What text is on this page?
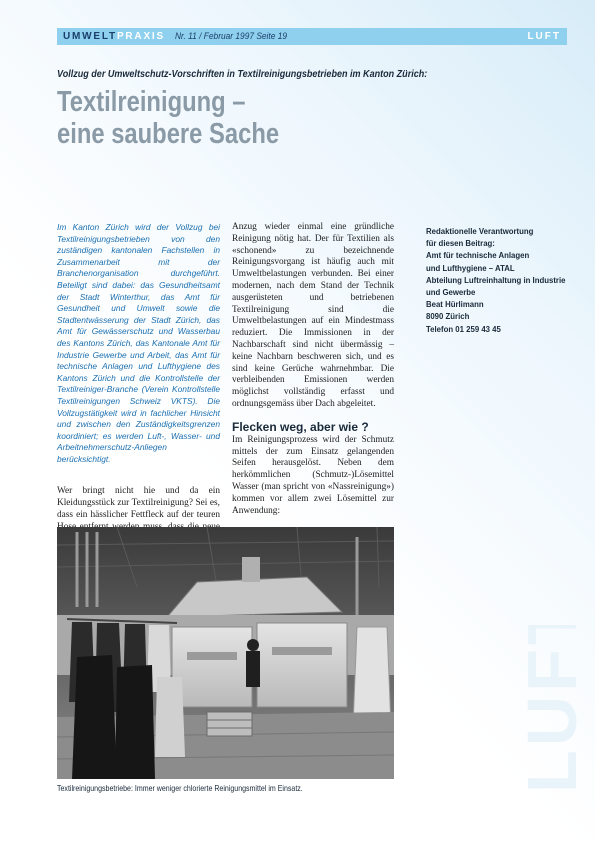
UMWELT PRAXIS Nr. 11 / Februar 1997 Seite 19	LUFT
Vollzug der Umweltschutz-Vorschriften in Textilreinigungsbetrieben im Kanton Zürich:
Textilreinigung –
eine saubere Sache

Im Kanton Zürich wird der Vollzug bei Textilreinigungsbetrieben von den zuständigen kantonalen Fachstellen in Zusammenarbeit mit der Branchenorganisation durchgeführt. Beteiligt sind dabei: das Gesundheitsamt der Stadt Winterthur, das Amt für Gesundheit und Umwelt sowie die Stadtentwässerung der Stadt Zürich, das Amt für Gewässerschutz und Wasserbau des Kantons Zürich, das Kantonale Amt für Industrie Gewerbe und Arbeit, das Amt für technische Anlagen und Lufthygiene des Kantons Zürich und die Kontrollstelle der Textilreiniger-Branche (Verein Kontrollstelle Textilreinigungen Schweiz VKTS). Die Vollzugstätigkeit wird in fachlicher Hinsicht und zwischen den Zuständigkeitsgrenzen koordiniert; es werden Luft-, Wasser- und Arbeitnehmerschutz-Anliegen berücksichtigt.

Wer bringt nicht hie und da ein Kleidungsstück zur Textilreinigung? Sei es, dass ein hässlicher Fettfleck auf der teuren

Anzug wieder einmal eine gründliche Reinigung nötig hat. Der für Textilien als «schonend» zu bezeichnende Reinigungsvorgang ist häufig auch mit Umweltbelastungen verbunden. Bei einer modernen, nach dem Stand der Technik ausgerüsteten und betriebenen Textilreinigung sind die Umweltbelastungen auf ein Mindestmass reduziert. Die Immissionen in der Nachbarschaft sind nicht übermässig – keine Nachbarn beschweren sich, und es sind keine Gerüche wahrnehmbar. Die verbleibenden Emissionen werden möglichst vollständig erfasst und ordnungsgemäss über Dach abgeleitet.

Flecken weg, aber wie ?

Im Reinigungsprozess wird der Schmutz mittels der zum Einsatz gelangenden Seifen herausgelöst. Neben dem herkömmlichen (Schmutz-)Lösemittel Wasser (man spricht von «Nassreinigung») kommen vor allem zwei Lösemittel zur Anwendung:

Redaktionelle Verantwortung
für diesen Beitrag:
Amt für technische Anlagen
und Lufthygiene – ATAL
Abteilung Luftreinhaltung in Industrie
und Gewerbe
Beat Hürlimann
8090 Zürich
Telefon 01 259 43 45
Textilreinigungsbetriebe: Immer weniger chlorierte Reinigungsmittel im Einsatz.	LUFT
